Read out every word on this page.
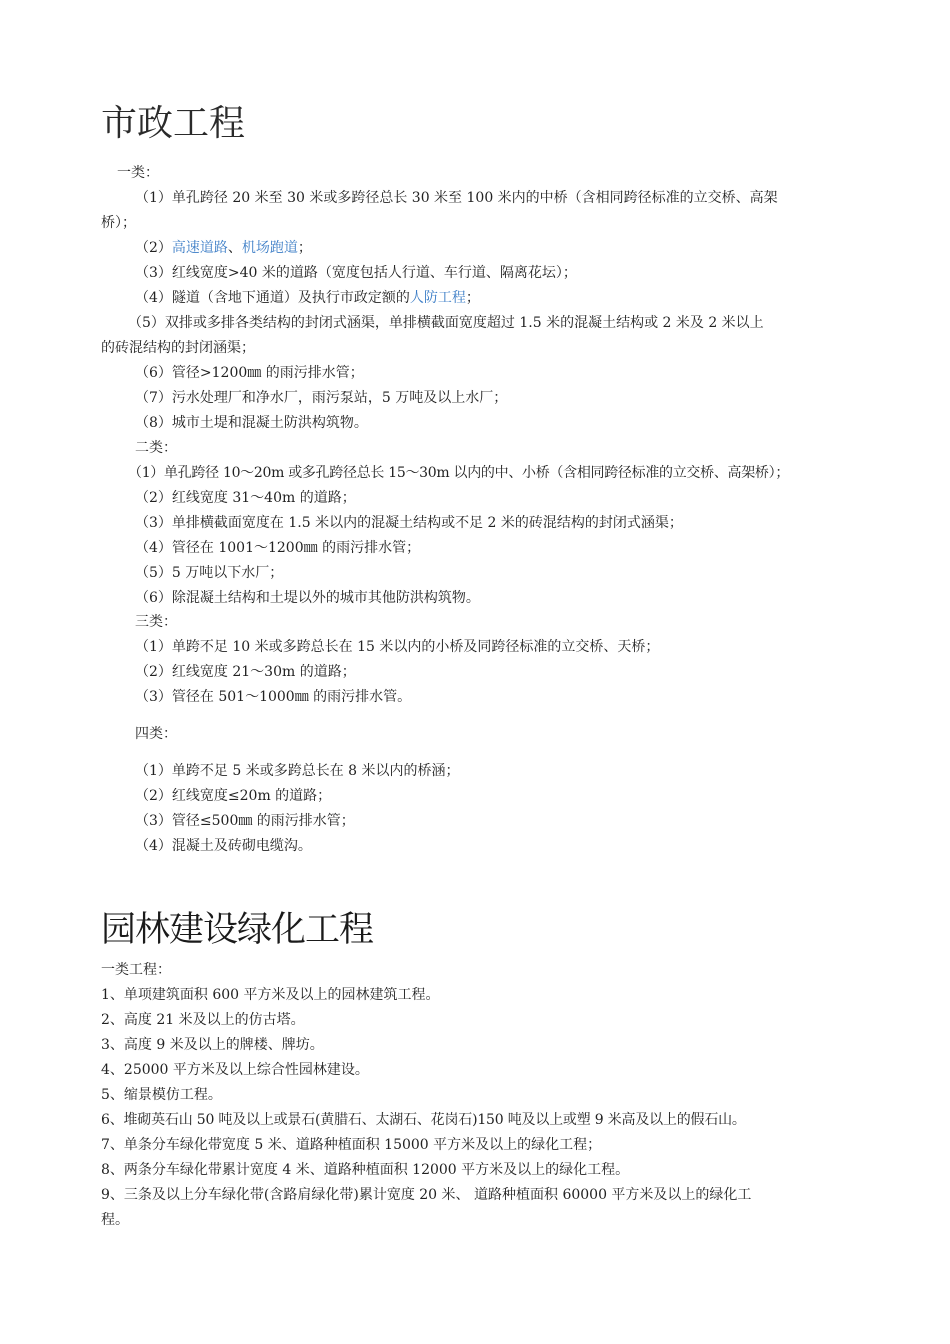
市政工程
一类：
（1）单孔跨径 20 米至 30 米或多跨径总长 30 米至 100 米内的中桥（含相同跨径标准的立交桥、高架
桥）；
（2）高速道路、机场跑道；
（3）红线宽度>40 米的道路（宽度包括人行道、车行道、隔离花坛）；
（4）隧道（含地下通道）及执行市政定额的人防工程；
（5）双排或多排各类结构的封闭式涵渠，单排横截面宽度超过 1.5 米的混凝土结构或 2 米及 2 米以上
的砖混结构的封闭涵渠；
（6）管径>1200㎜ 的雨污排水管；
（7）污水处理厂和净水厂，雨污泵站，5 万吨及以上水厂；
（8）城市土堤和混凝土防洪构筑物。
二类：
（1）单孔跨径 10～20m 或多孔跨径总长 15～30m 以内的中、小桥（含相同跨径标准的立交桥、高架桥）；
（2）红线宽度 31～40m 的道路；
（3）单排横截面宽度在 1.5 米以内的混凝土结构或不足 2 米的砖混结构的封闭式涵渠；
（4）管径在 1001～1200㎜ 的雨污排水管；
（5）5 万吨以下水厂；
（6）除混凝土结构和土堤以外的城市其他防洪构筑物。
三类：
（1）单跨不足 10 米或多跨总长在 15 米以内的小桥及同跨径标准的立交桥、天桥；
（2）红线宽度 21～30m 的道路；
（3）管径在 501～1000㎜ 的雨污排水管。
四类：
（1）单跨不足 5 米或多跨总长在 8 米以内的桥涵；
（2）红线宽度≤20m 的道路；
（3）管径≤500㎜ 的雨污排水管；
（4）混凝土及砖砌电缆沟。
园林建设绿化工程
一类工程：
1、单项建筑面积 600 平方米及以上的园林建筑工程。
2、高度 21 米及以上的仿古塔。
3、高度 9 米及以上的牌楼、牌坊。
4、25000 平方米及以上综合性园林建设。
5、缩景模仿工程。
6、堆砌英石山 50 吨及以上或景石(黄腊石、太湖石、花岗石)150 吨及以上或塑 9 米高及以上的假石山。
7、单条分车绿化带宽度 5 米、道路种植面积 15000 平方米及以上的绿化工程；
8、两条分车绿化带累计宽度 4 米、道路种植面积 12000 平方米及以上的绿化工程。
9、三条及以上分车绿化带(含路肩绿化带)累计宽度 20 米、 道路种植面积 60000 平方米及以上的绿化工
程。
